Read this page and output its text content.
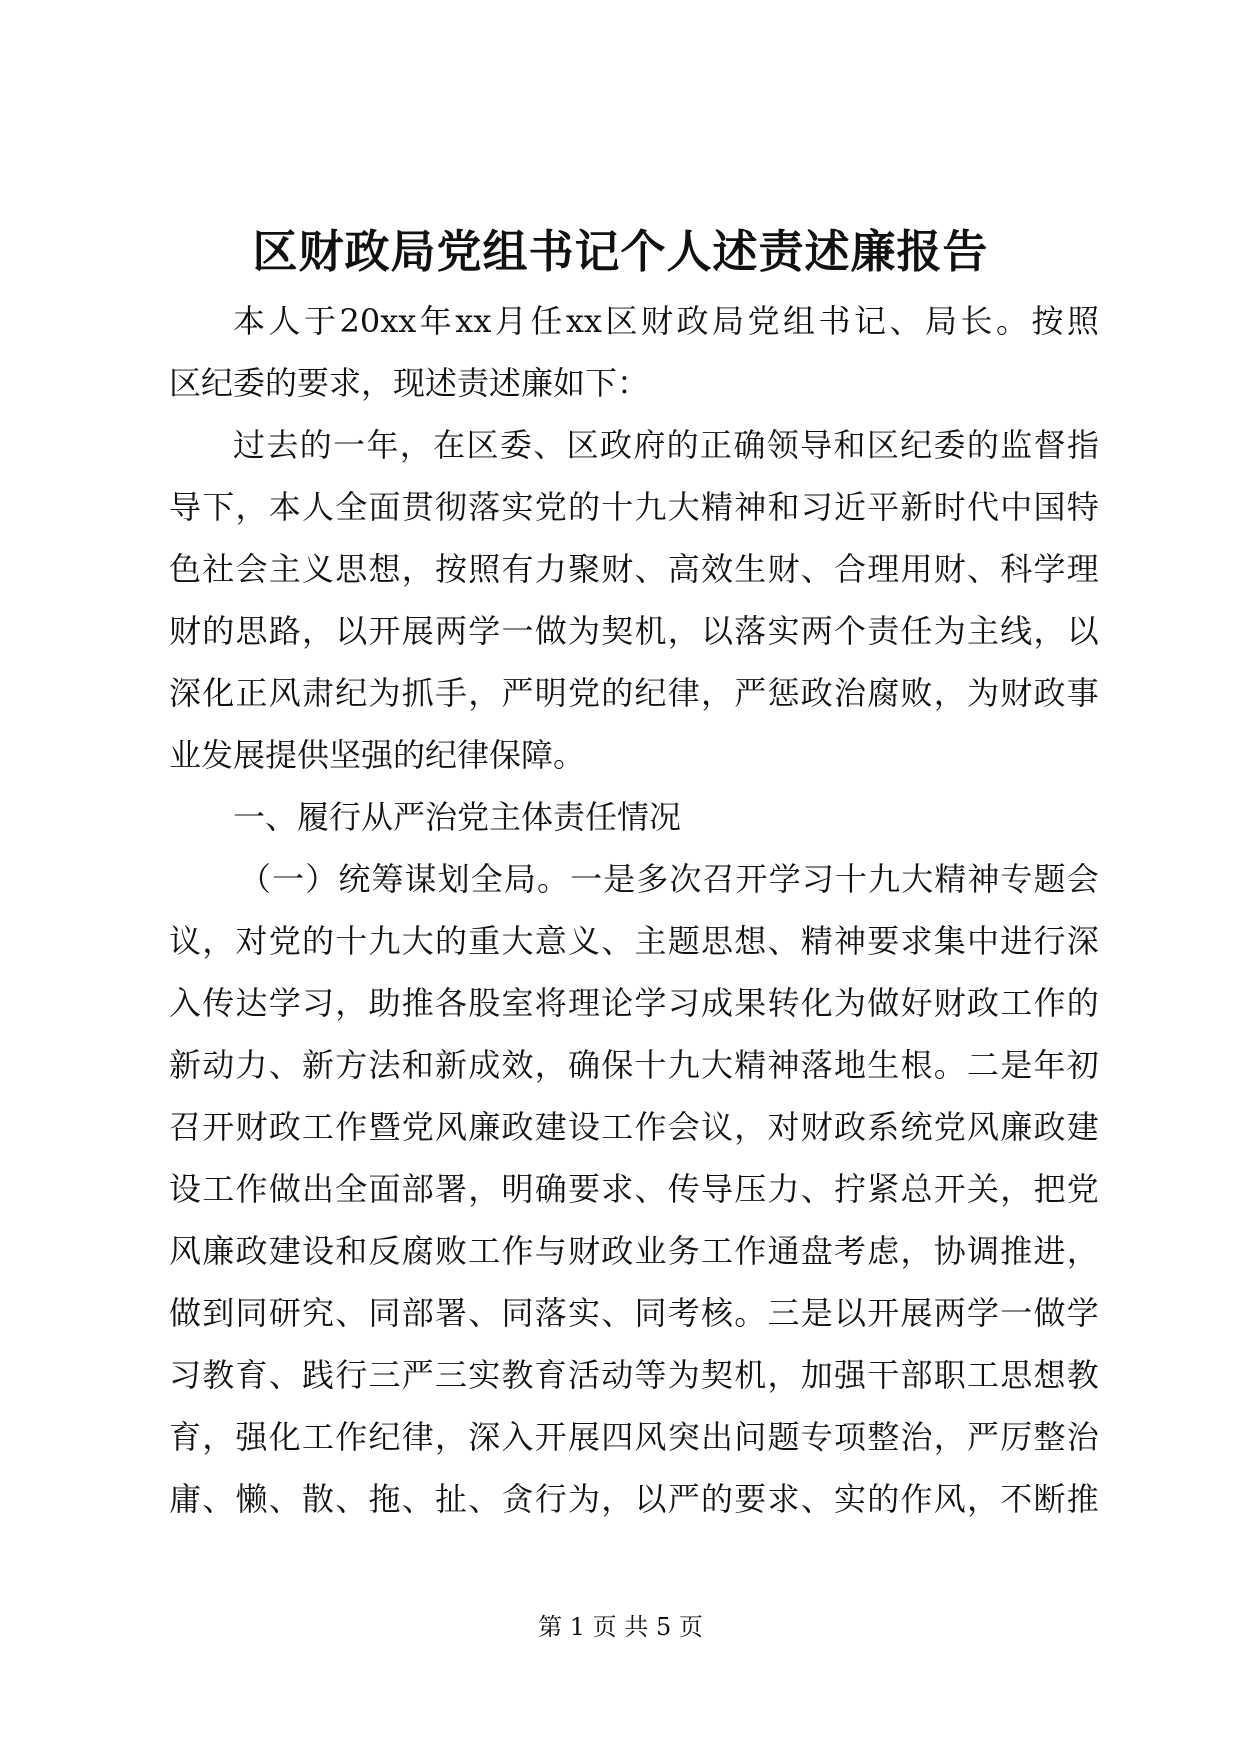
区财政局党组书记个人述责述廉报告
本 人 于 20xx 年 xx 月 任 xx 区 财 政 局 党 组 书 记 、 局 长 。 按 照
区纪委的要求，现述责述廉如下：
过 去 的 一 年 ， 在 区 委 、 区 政 府 的 正 确 领 导 和 区 纪 委 的 监 督 指
导 下 ， 本 人 全 面 贯 彻 落 实 党 的 十 九 大 精 神 和 习 近 平 新 时 代 中 国 特
色 社 会 主 义 思 想 ， 按 照 有 力 聚 财 、 高 效 生 财 、 合 理 用 财 、 科 学 理
财 的 思 路 ， 以 开 展 两 学 一 做 为 契 机 ， 以 落 实 两 个 责 任 为 主 线 ， 以
深 化 正 风 肃 纪 为 抓 手 ， 严 明 党 的 纪 律 ， 严 惩 政 治 腐 败 ， 为 财 政 事
业发展提供坚强的纪律保障。
一、履行从严治党主体责任情况
（ 一 ） 统 筹 谋 划 全 局 。 一 是 多 次 召 开 学 习 十 九 大 精 神 专 题 会
议 ， 对 党 的 十 九 大 的 重 大 意 义 、 主 题 思 想 、 精 神 要 求 集 中 进 行 深
入 传 达 学 习 ， 助 推 各 股 室 将 理 论 学 习 成 果 转 化 为 做 好 财 政 工 作 的
新 动 力 、 新 方 法 和 新 成 效 ， 确 保 十 九 大 精 神 落 地 生 根 。 二 是 年 初
召 开 财 政 工 作 暨 党 风 廉 政 建 设 工 作 会 议 ， 对 财 政 系 统 党 风 廉 政 建
设 工 作 做 出 全 面 部 署 ， 明 确 要 求 、 传 导 压 力 、 拧 紧 总 开 关 ， 把 党
风 廉 政 建 设 和 反 腐 败 工 作 与 财 政 业 务 工 作 通 盘 考 虑 ， 协 调 推 进 ，
做 到 同 研 究 、 同 部 署 、 同 落 实 、 同 考 核 。 三 是 以 开 展 两 学 一 做 学
习 教 育 、 践 行 三 严 三 实 教 育 活 动 等 为 契 机 ， 加 强 干 部 职 工 思 想 教
育 ， 强 化 工 作 纪 律 ， 深 入 开 展 四 风 突 出 问 题 专 项 整 治 ， 严 厉 整 治
庸 、 懒 、 散 、 拖 、 扯 、 贪 行 为 ， 以 严 的 要 求 、 实 的 作 风 ， 不 断 推
第 1 页 共 5 页
